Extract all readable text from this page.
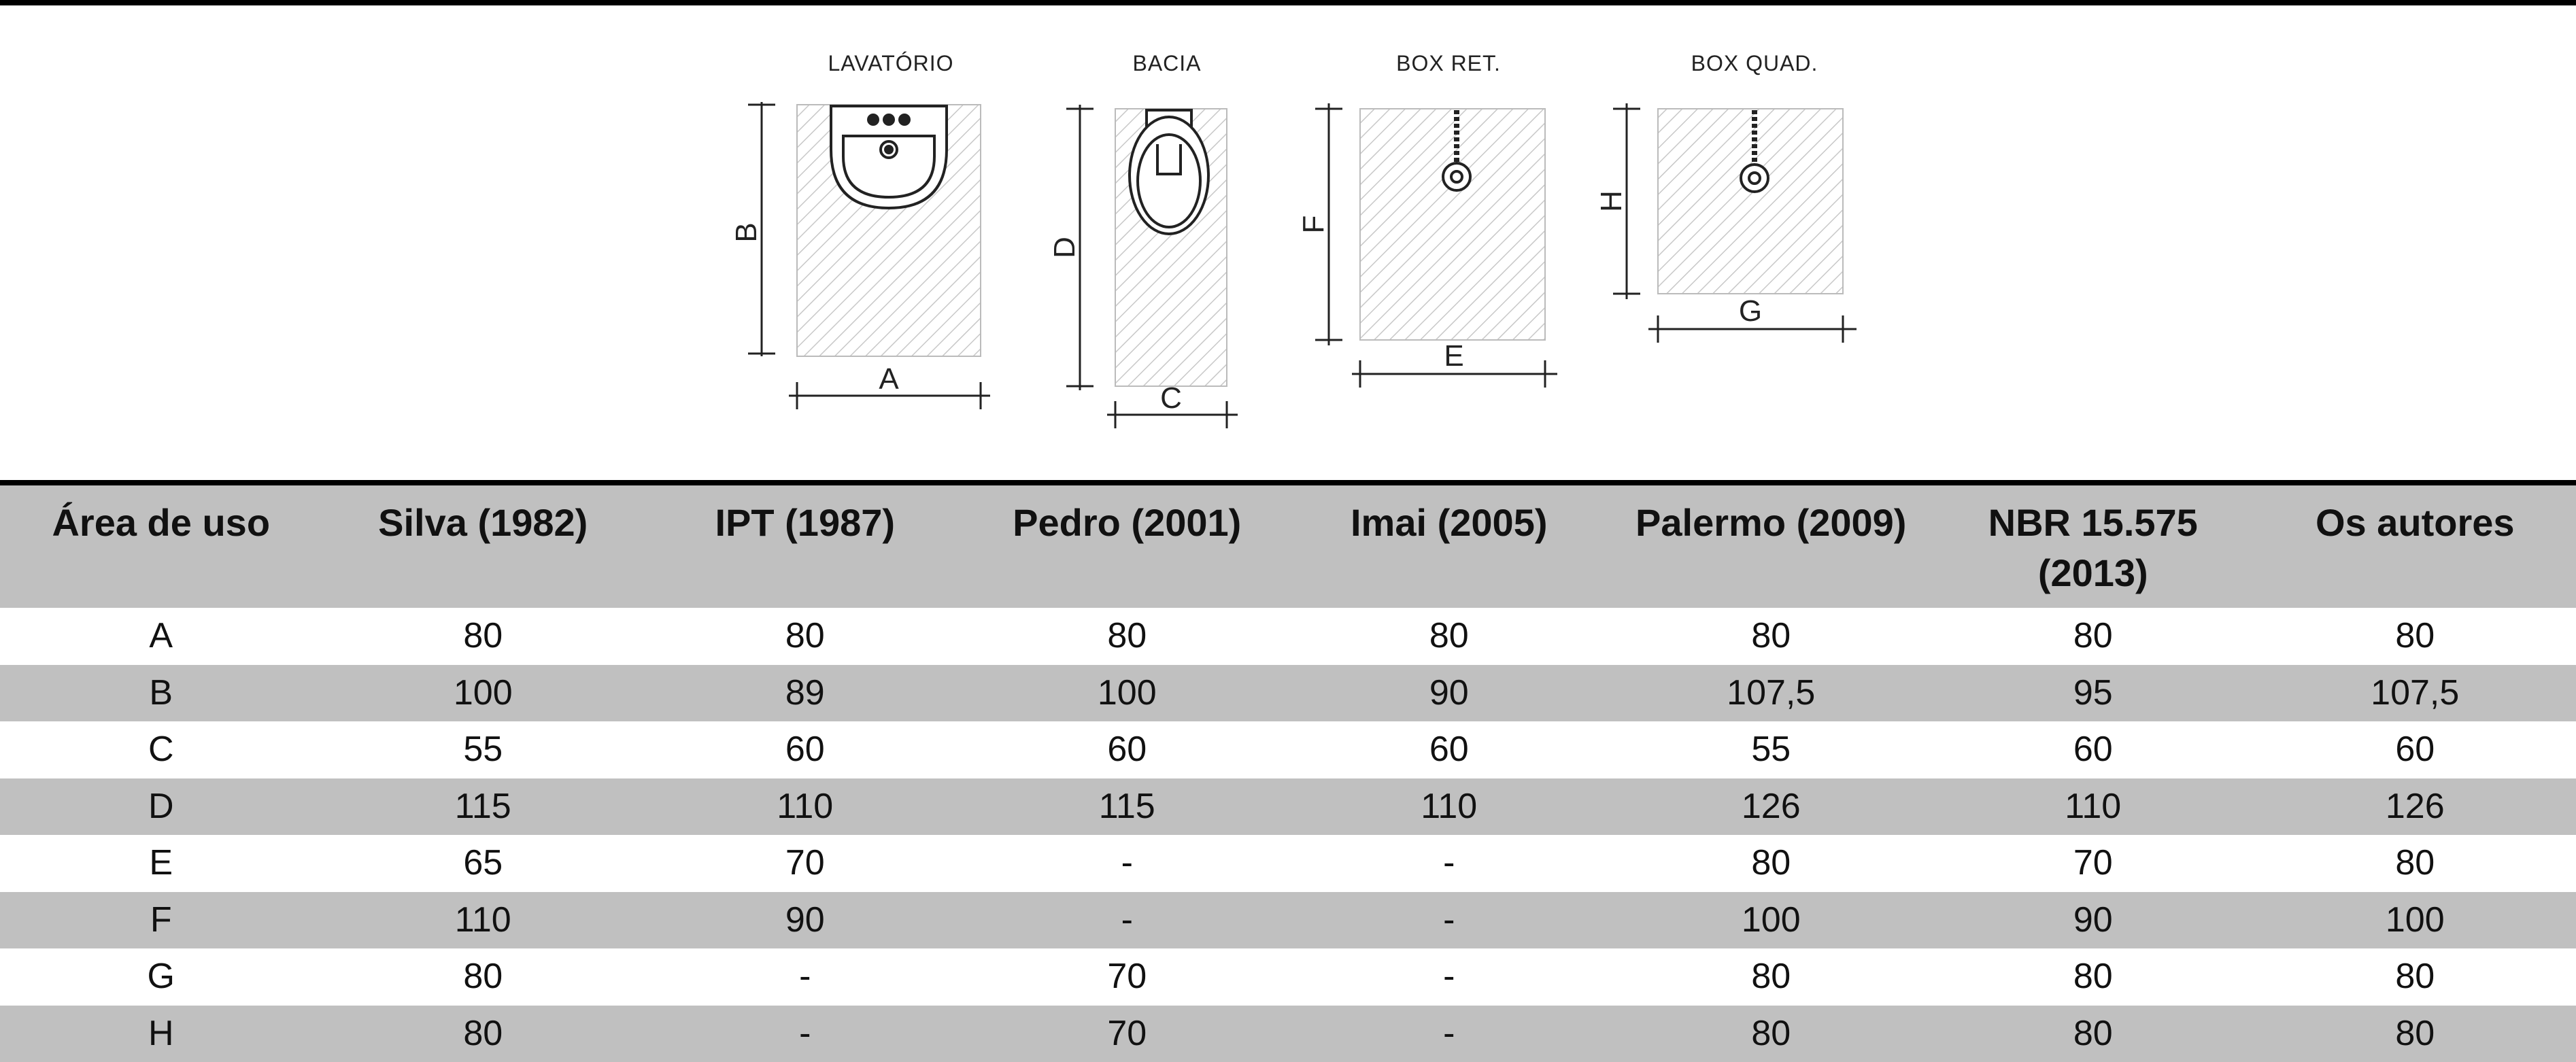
LAVATÓRIO
B
A
BACIA
D
C
BOX RET.
F
E
BOX QUAD.
H
G
Área de uso	Silva (1982)	IPT (1987)	Pedro (2001)	Imai (2005)	Palermo (2009)	NBR 15.575
(2013)	Os autores
A	80	80	80	80	80	80	80
B	100	89	100	90	107,5	95	107,5
C	55	60	60	60	55	60	60
D	115	110	115	110	126	110	126
E	65	70	-	-	80	70	80
F	110	90	-	-	100	90	100
G	80	-	70	-	80	80	80
H	80	-	70	-	80	80	80
